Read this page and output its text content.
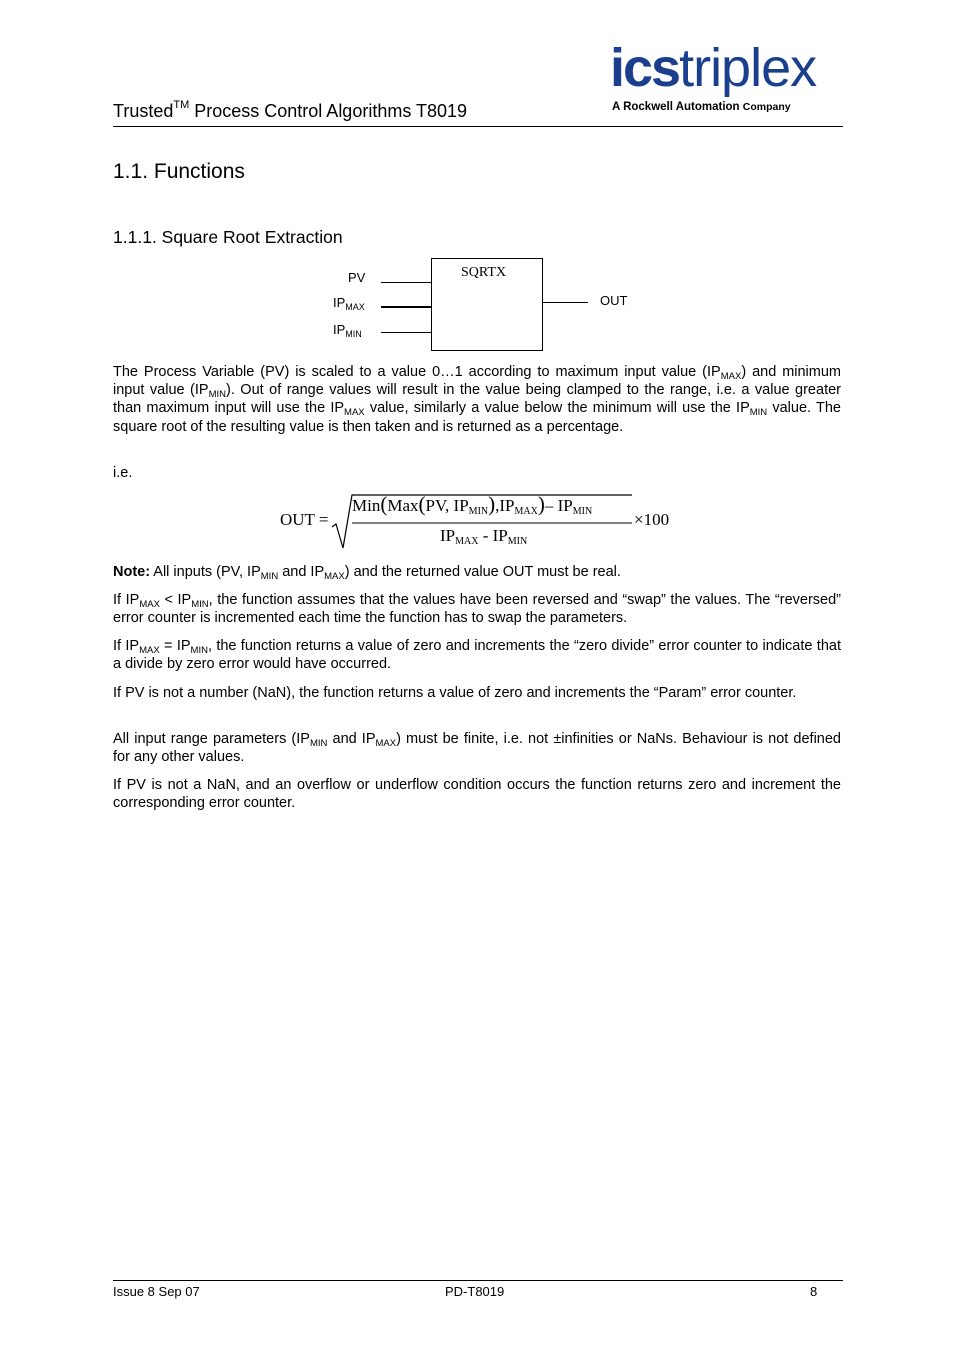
Trusted™ Process Control Algorithms T8019
icstriplex
A Rockwell Automation Company
1.1. Functions
1.1.1. Square Root Extraction
SQRTX
PV
$IP_{MAX}$
$IP_{MIN}$
OUT
The Process Variable (PV) is scaled to a value 0…1 according to maximum input value $(IP_{MAX})$ and minimum input value $(IP_{MIN})$. Out of range values will result in the value being clamped to the range, i.e. a value greater than maximum input will use the $IP_{MAX}$ value, similarly a value below the minimum will use the $IP_{MIN}$ value. The square root of the resulting value is then taken and is returned as a percentage.
i.e.
OUT =
Min(Max(PV, $IP_{MIN}),IP_{MAX})-$ $IP_{MIN}$
$IP_{MAX} - IP_{MIN}$
×100
Note: All inputs (PV, $IP_{MIN}$ and $IP_{MAX}$) and the returned value OUT must be real.
If $IP_{MAX} < IP_{MIN}$, the function assumes that the values have been reversed and “swap” the values. The “reversed” error counter is incremented each time the function has to swap the parameters.
If $IP_{MAX} = IP_{MIN}$, the function returns a value of zero and increments the “zero divide” error counter to indicate that a divide by zero error would have occurred.
If PV is not a number (NaN), the function returns a value of zero and increments the “Param” error counter.
All input range parameters ($IP_{MIN}$ and $IP_{MAX}$) must be finite, i.e. not ±infinities or NaNs. Behaviour is not defined for any other values.
If PV is not a NaN, and an overflow or underflow condition occurs the function returns zero and increment the corresponding error counter.
Issue 8 Sep 07	PD-T8019	8
